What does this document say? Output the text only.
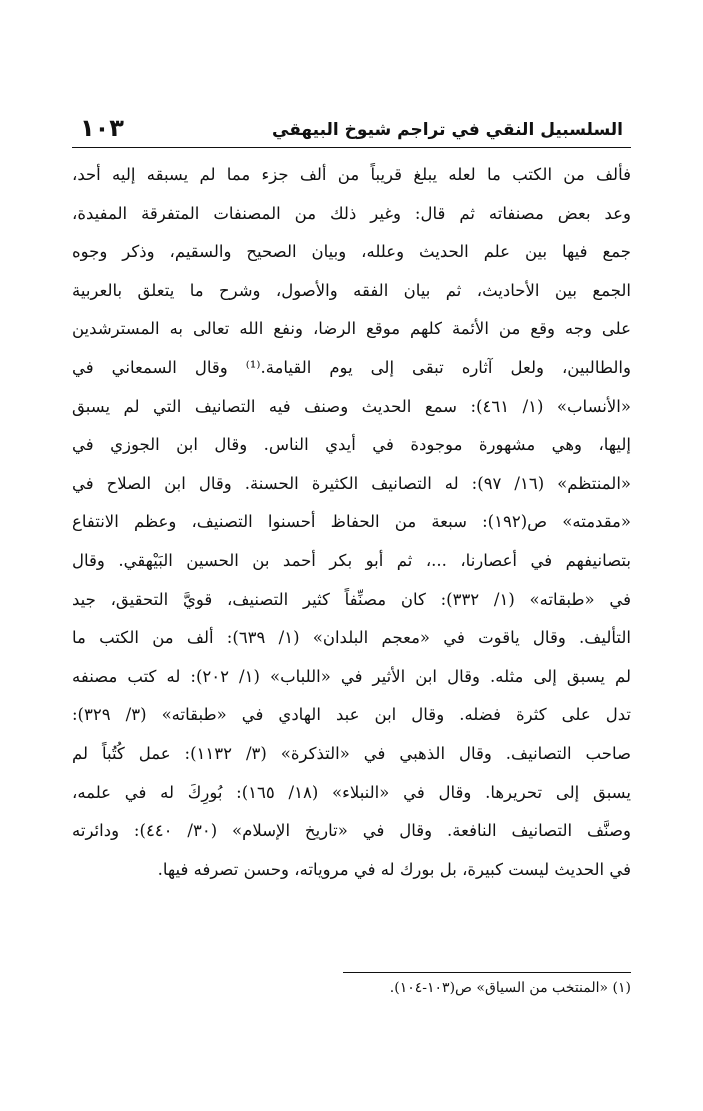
السلسبيل النقي في تراجم شيوخ البيهقي
١٠٣
فألف من الكتب ما لعله يبلغ قريباً من ألف جزء مما لم يسبقه إليه أحد،
وعد بعض مصنفاته ثم قال: وغير ذلك من المصنفات المتفرقة المفيدة،
جمع فيها بين علم الحديث وعلله، وبيان الصحيح والسقيم، وذكر وجوه
الجمع بين الأحاديث، ثم بيان الفقه والأصول، وشرح ما يتعلق بالعربية
على وجه وقع من الأئمة كلهم موقع الرضا، ونفع الله تعالى به المسترشدين
والطالبين، ولعل آثاره تبقى إلى يوم القيامة.⁽¹⁾ وقال السمعاني في
«الأنساب» (١/ ٤٦١): سمع الحديث وصنف فيه التصانيف التي لم يسبق
إليها، وهي مشهورة موجودة في أيدي الناس. وقال ابن الجوزي في
«المنتظم» (١٦/ ٩٧): له التصانيف الكثيرة الحسنة. وقال ابن الصلاح في
«مقدمته» ص(١٩٢): سبعة من الحفاظ أحسنوا التصنيف، وعظم الانتفاع
بتصانيفهم في أعصارنا، ...، ثم أبو بكر أحمد بن الحسين البَيْهقي. وقال
في «طبقاته» (١/ ٣٣٢): كان مصنِّفاً كثير التصنيف، قويَّ التحقيق، جيد
التأليف. وقال ياقوت في «معجم البلدان» (١/ ٦٣٩): ألف من الكتب ما
لم يسبق إلى مثله. وقال ابن الأثير في «اللباب» (١/ ٢٠٢): له كتب مصنفه
تدل على كثرة فضله. وقال ابن عبد الهادي في «طبقاته» (٣/ ٣٢٩):
صاحب التصانيف. وقال الذهبي في «التذكرة» (٣/ ١١٣٢): عمل كُتُباً لم
يسبق إلى تحريرها. وقال في «النبلاء» (١٨/ ١٦٥): بُورِكَ له في علمه،
وصنَّف التصانيف النافعة. وقال في «تاريخ الإسلام» (٣٠/ ٤٤٠): ودائرته
في الحديث ليست كبيرة، بل بورك له في مروياته، وحسن تصرفه فيها.
(١) «المنتخب من السياق» ص(١٠٣-١٠٤).
